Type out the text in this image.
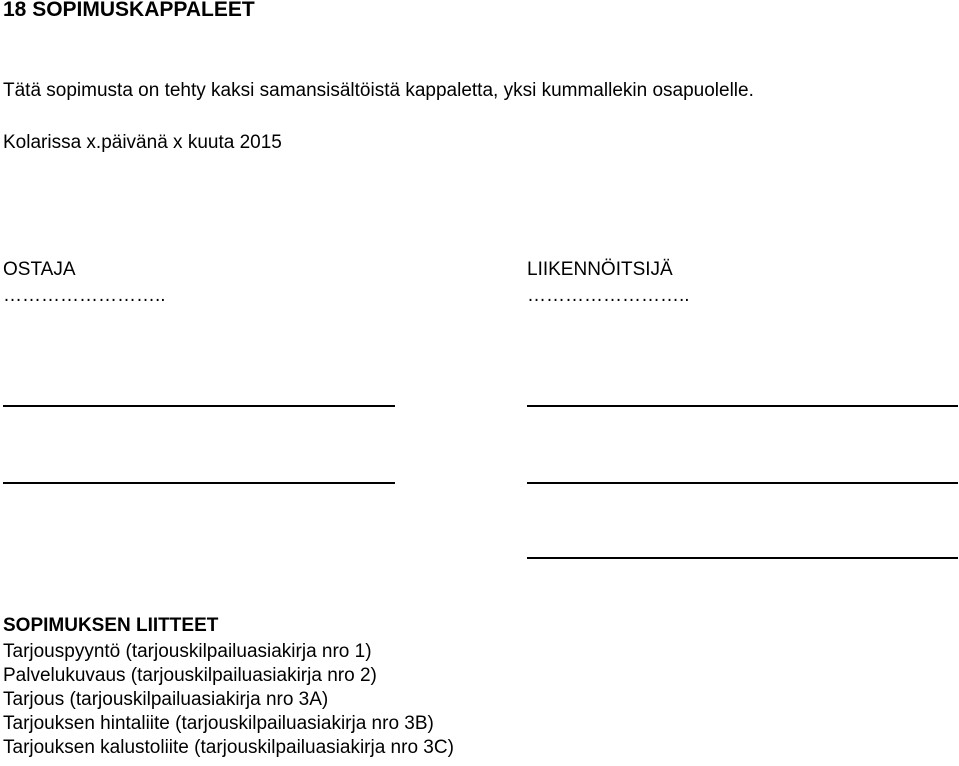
18 SOPIMUSKAPPALEET
Tätä sopimusta on tehty kaksi samansisältöistä kappaletta, yksi kummallekin osapuolelle.
Kolarissa x.päivänä x kuuta 2015
OSTAJA
……………………..
LIIKENNÖITSIJÄ
……………………..
SOPIMUKSEN LIITTEET
Tarjouspyyntö (tarjouskilpailuasiakirja nro 1)
Palvelukuvaus (tarjouskilpailuasiakirja nro 2)
Tarjous (tarjouskilpailuasiakirja nro 3A)
Tarjouksen hintaliite (tarjouskilpailuasiakirja nro 3B)
Tarjouksen kalustoliite (tarjouskilpailuasiakirja nro 3C)
